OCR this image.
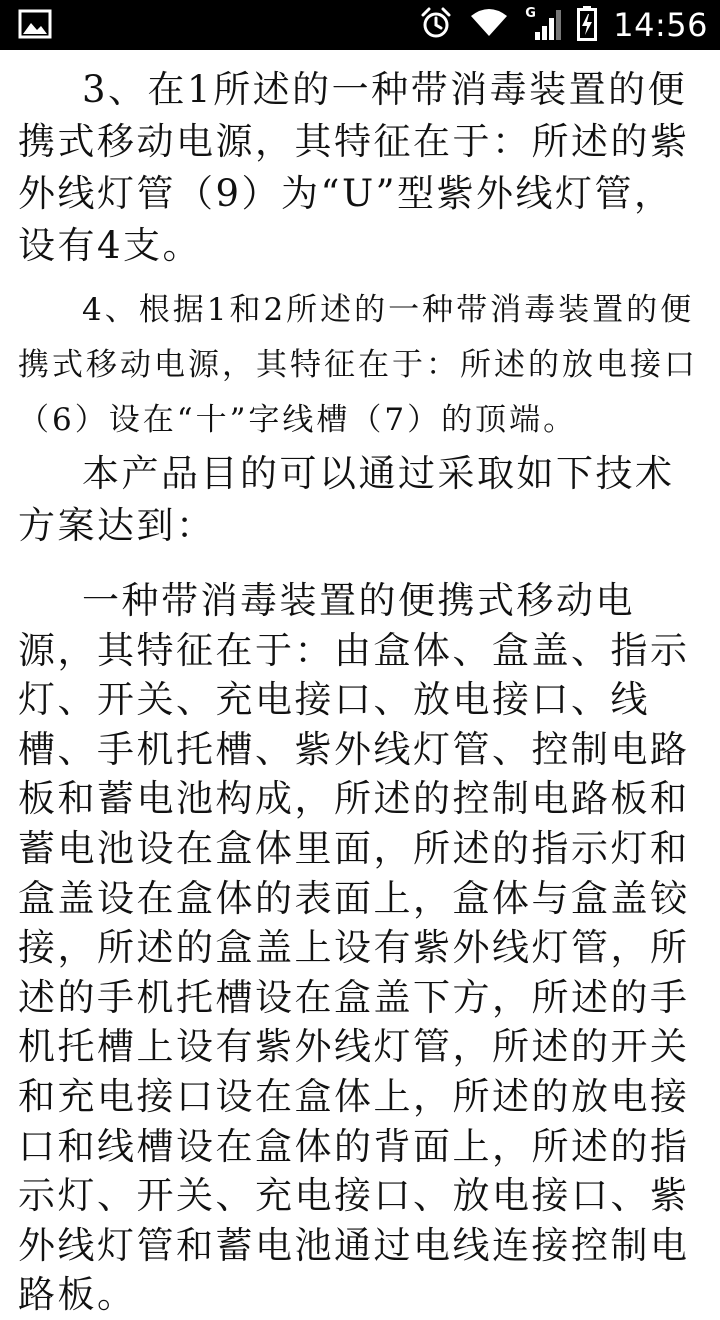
G 14:56

3、在1所述的一种带消毒装置的便携式移动电源，其特征在于：所述的紫外线灯管（9）为“U”型紫外线灯管，设有4支。

4、根据1和2所述的一种带消毒装置的便携式移动电源，其特征在于：所述的放电接口（6）设在“十”字线槽（7）的顶端。

本产品目的可以通过采取如下技术方案达到：

一种带消毒装置的便携式移动电源，其特征在于：由盒体、盒盖、指示灯、开关、充电接口、放电接口、线槽、手机托槽、紫外线灯管、控制电路板和蓄电池构成，所述的控制电路板和蓄电池设在盒体里面，所述的指示灯和盒盖设在盒体的表面上，盒体与盒盖铰接，所述的盒盖上设有紫外线灯管，所述的手机托槽设在盒盖下方，所述的手机托槽上设有紫外线灯管，所述的开关和充电接口设在盒体上，所述的放电接口和线槽设在盒体的背面上，所述的指示灯、开关、充电接口、放电接口、紫外线灯管和蓄电池通过电线连接控制电路板。
